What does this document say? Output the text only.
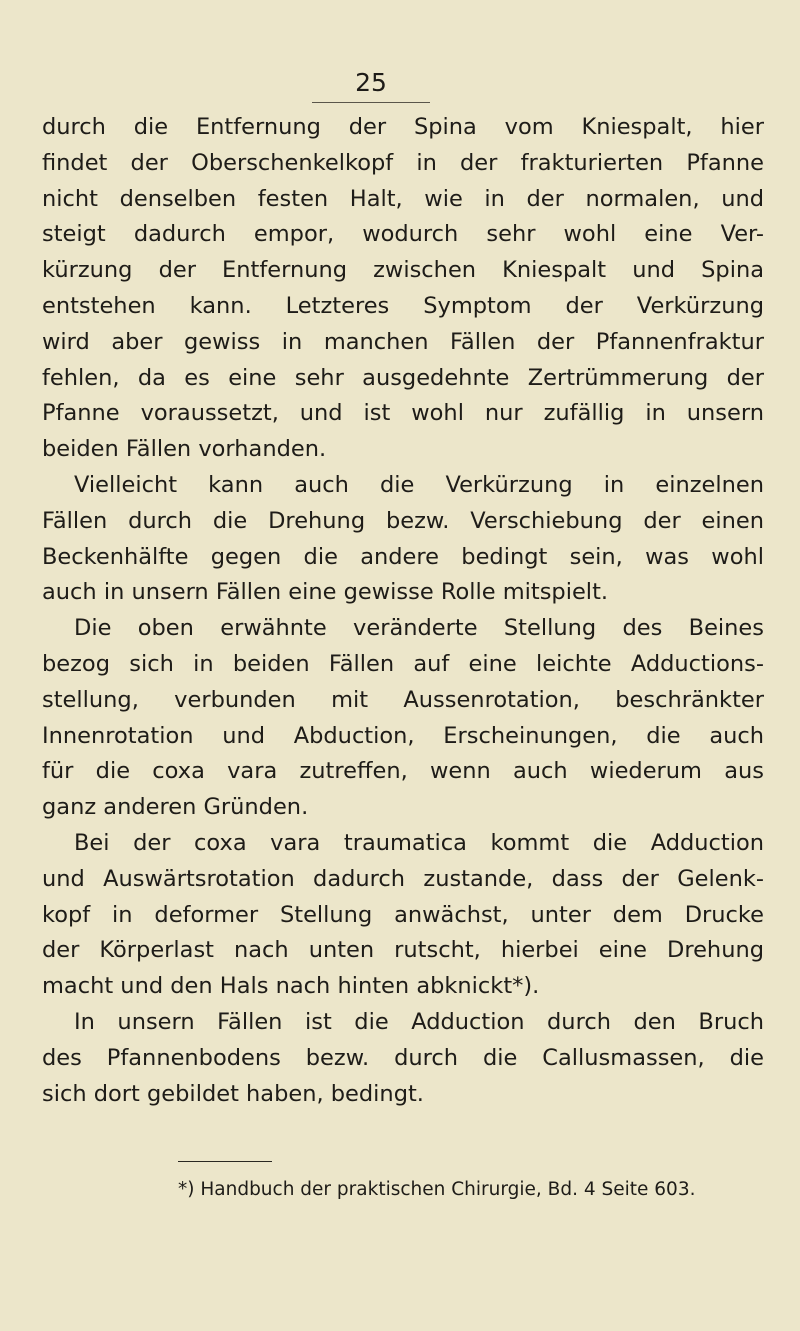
25
durch die Entfernung der Spina vom Kniespalt, hier
findet der Oberschenkelkopf in der frakturierten Pfanne
nicht denselben festen Halt, wie in der normalen, und
steigt dadurch empor, wodurch sehr wohl eine Ver-
kürzung der Entfernung zwischen Kniespalt und Spina
entstehen kann. Letzteres Symptom der Verkürzung
wird aber gewiss in manchen Fällen der Pfannenfraktur
fehlen, da es eine sehr ausgedehnte Zertrümmerung der
Pfanne voraussetzt, und ist wohl nur zufällig in unsern
beiden Fällen vorhanden.
Vielleicht kann auch die Verkürzung in einzelnen
Fällen durch die Drehung bezw. Verschiebung der einen
Beckenhälfte gegen die andere bedingt sein, was wohl
auch in unsern Fällen eine gewisse Rolle mitspielt.
Die oben erwähnte veränderte Stellung des Beines
bezog sich in beiden Fällen auf eine leichte Adductions-
stellung, verbunden mit Aussenrotation, beschränkter
Innenrotation und Abduction, Erscheinungen, die auch
für die coxa vara zutreffen, wenn auch wiederum aus
ganz anderen Gründen.
Bei der coxa vara traumatica kommt die Adduction
und Auswärtsrotation dadurch zustande, dass der Gelenk-
kopf in deformer Stellung anwächst, unter dem Drucke
der Körperlast nach unten rutscht, hierbei eine Drehung
macht und den Hals nach hinten abknickt*).
In unsern Fällen ist die Adduction durch den Bruch
des Pfannenbodens bezw. durch die Callusmassen, die
sich dort gebildet haben, bedingt.
*) Handbuch der praktischen Chirurgie, Bd. 4 Seite 603.
